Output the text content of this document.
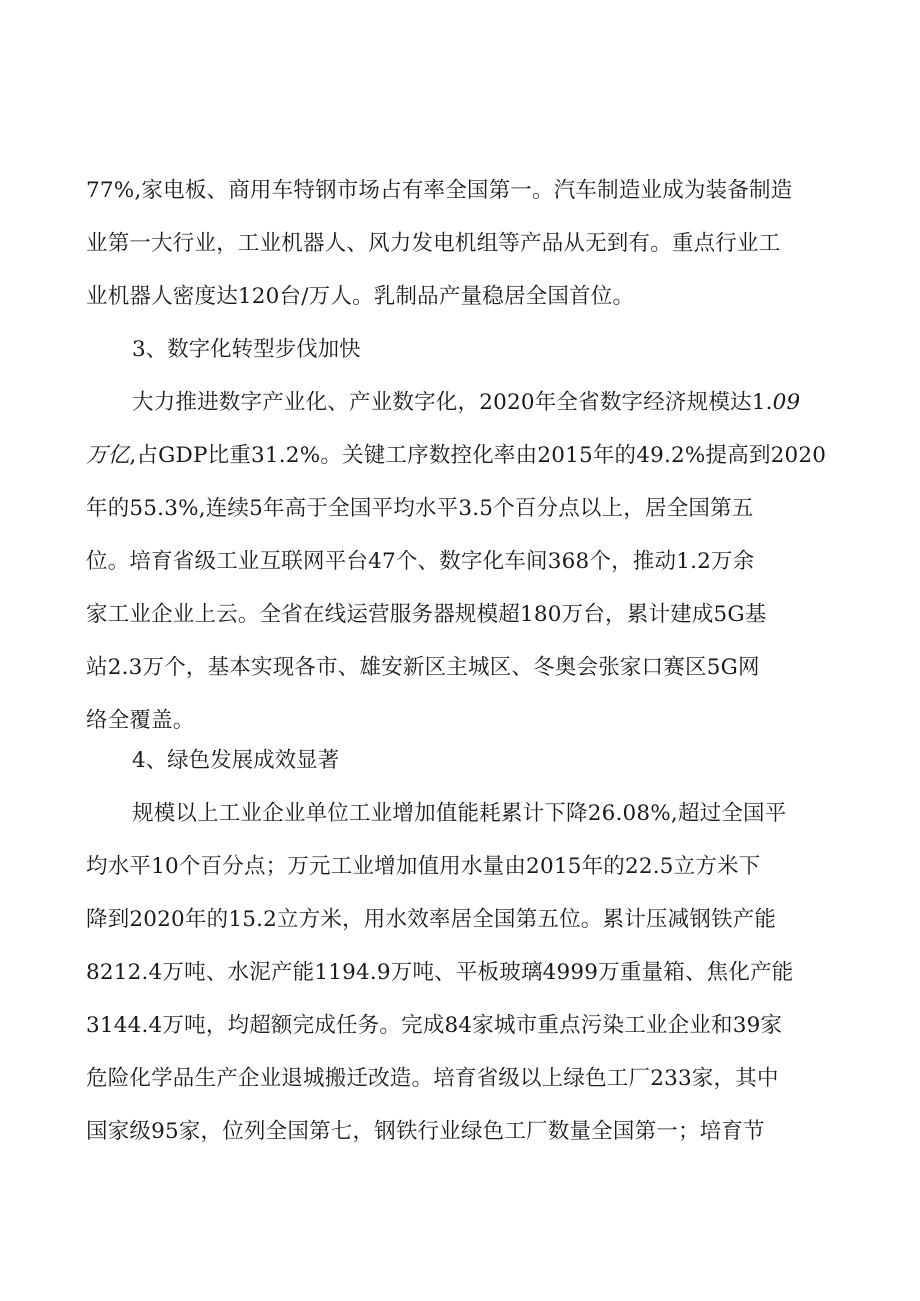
77%,家电板、商用车特钢市场占有率全国第一。汽车制造业成为装备制造
业第一大行业，工业机器人、风力发电机组等产品从无到有。重点行业工
业机器人密度达120台/万人。乳制品产量稳居全国首位。
3、数字化转型步伐加快
大力推进数字产业化、产业数字化，2020年全省数字经济规模达1.09
万亿,占GDP比重31.2%。关键工序数控化率由2015年的49.2%提高到2020
年的55.3%,连续5年高于全国平均水平3.5个百分点以上，居全国第五
位。培育省级工业互联网平台47个、数字化车间368个，推动1.2万余
家工业企业上云。全省在线运营服务器规模超180万台，累计建成5G基
站2.3万个，基本实现各市、雄安新区主城区、冬奥会张家口赛区5G网
络全覆盖。
4、绿色发展成效显著
规模以上工业企业单位工业增加值能耗累计下降26.08%,超过全国平
均水平10个百分点；万元工业增加值用水量由2015年的22.5立方米下
降到2020年的15.2立方米，用水效率居全国第五位。累计压减钢铁产能
8212.4万吨、水泥产能1194.9万吨、平板玻璃4999万重量箱、焦化产能
3144.4万吨，均超额完成任务。完成84家城市重点污染工业企业和39家
危险化学品生产企业退城搬迁改造。培育省级以上绿色工厂233家，其中
国家级95家，位列全国第七，钢铁行业绿色工厂数量全国第一；培育节
